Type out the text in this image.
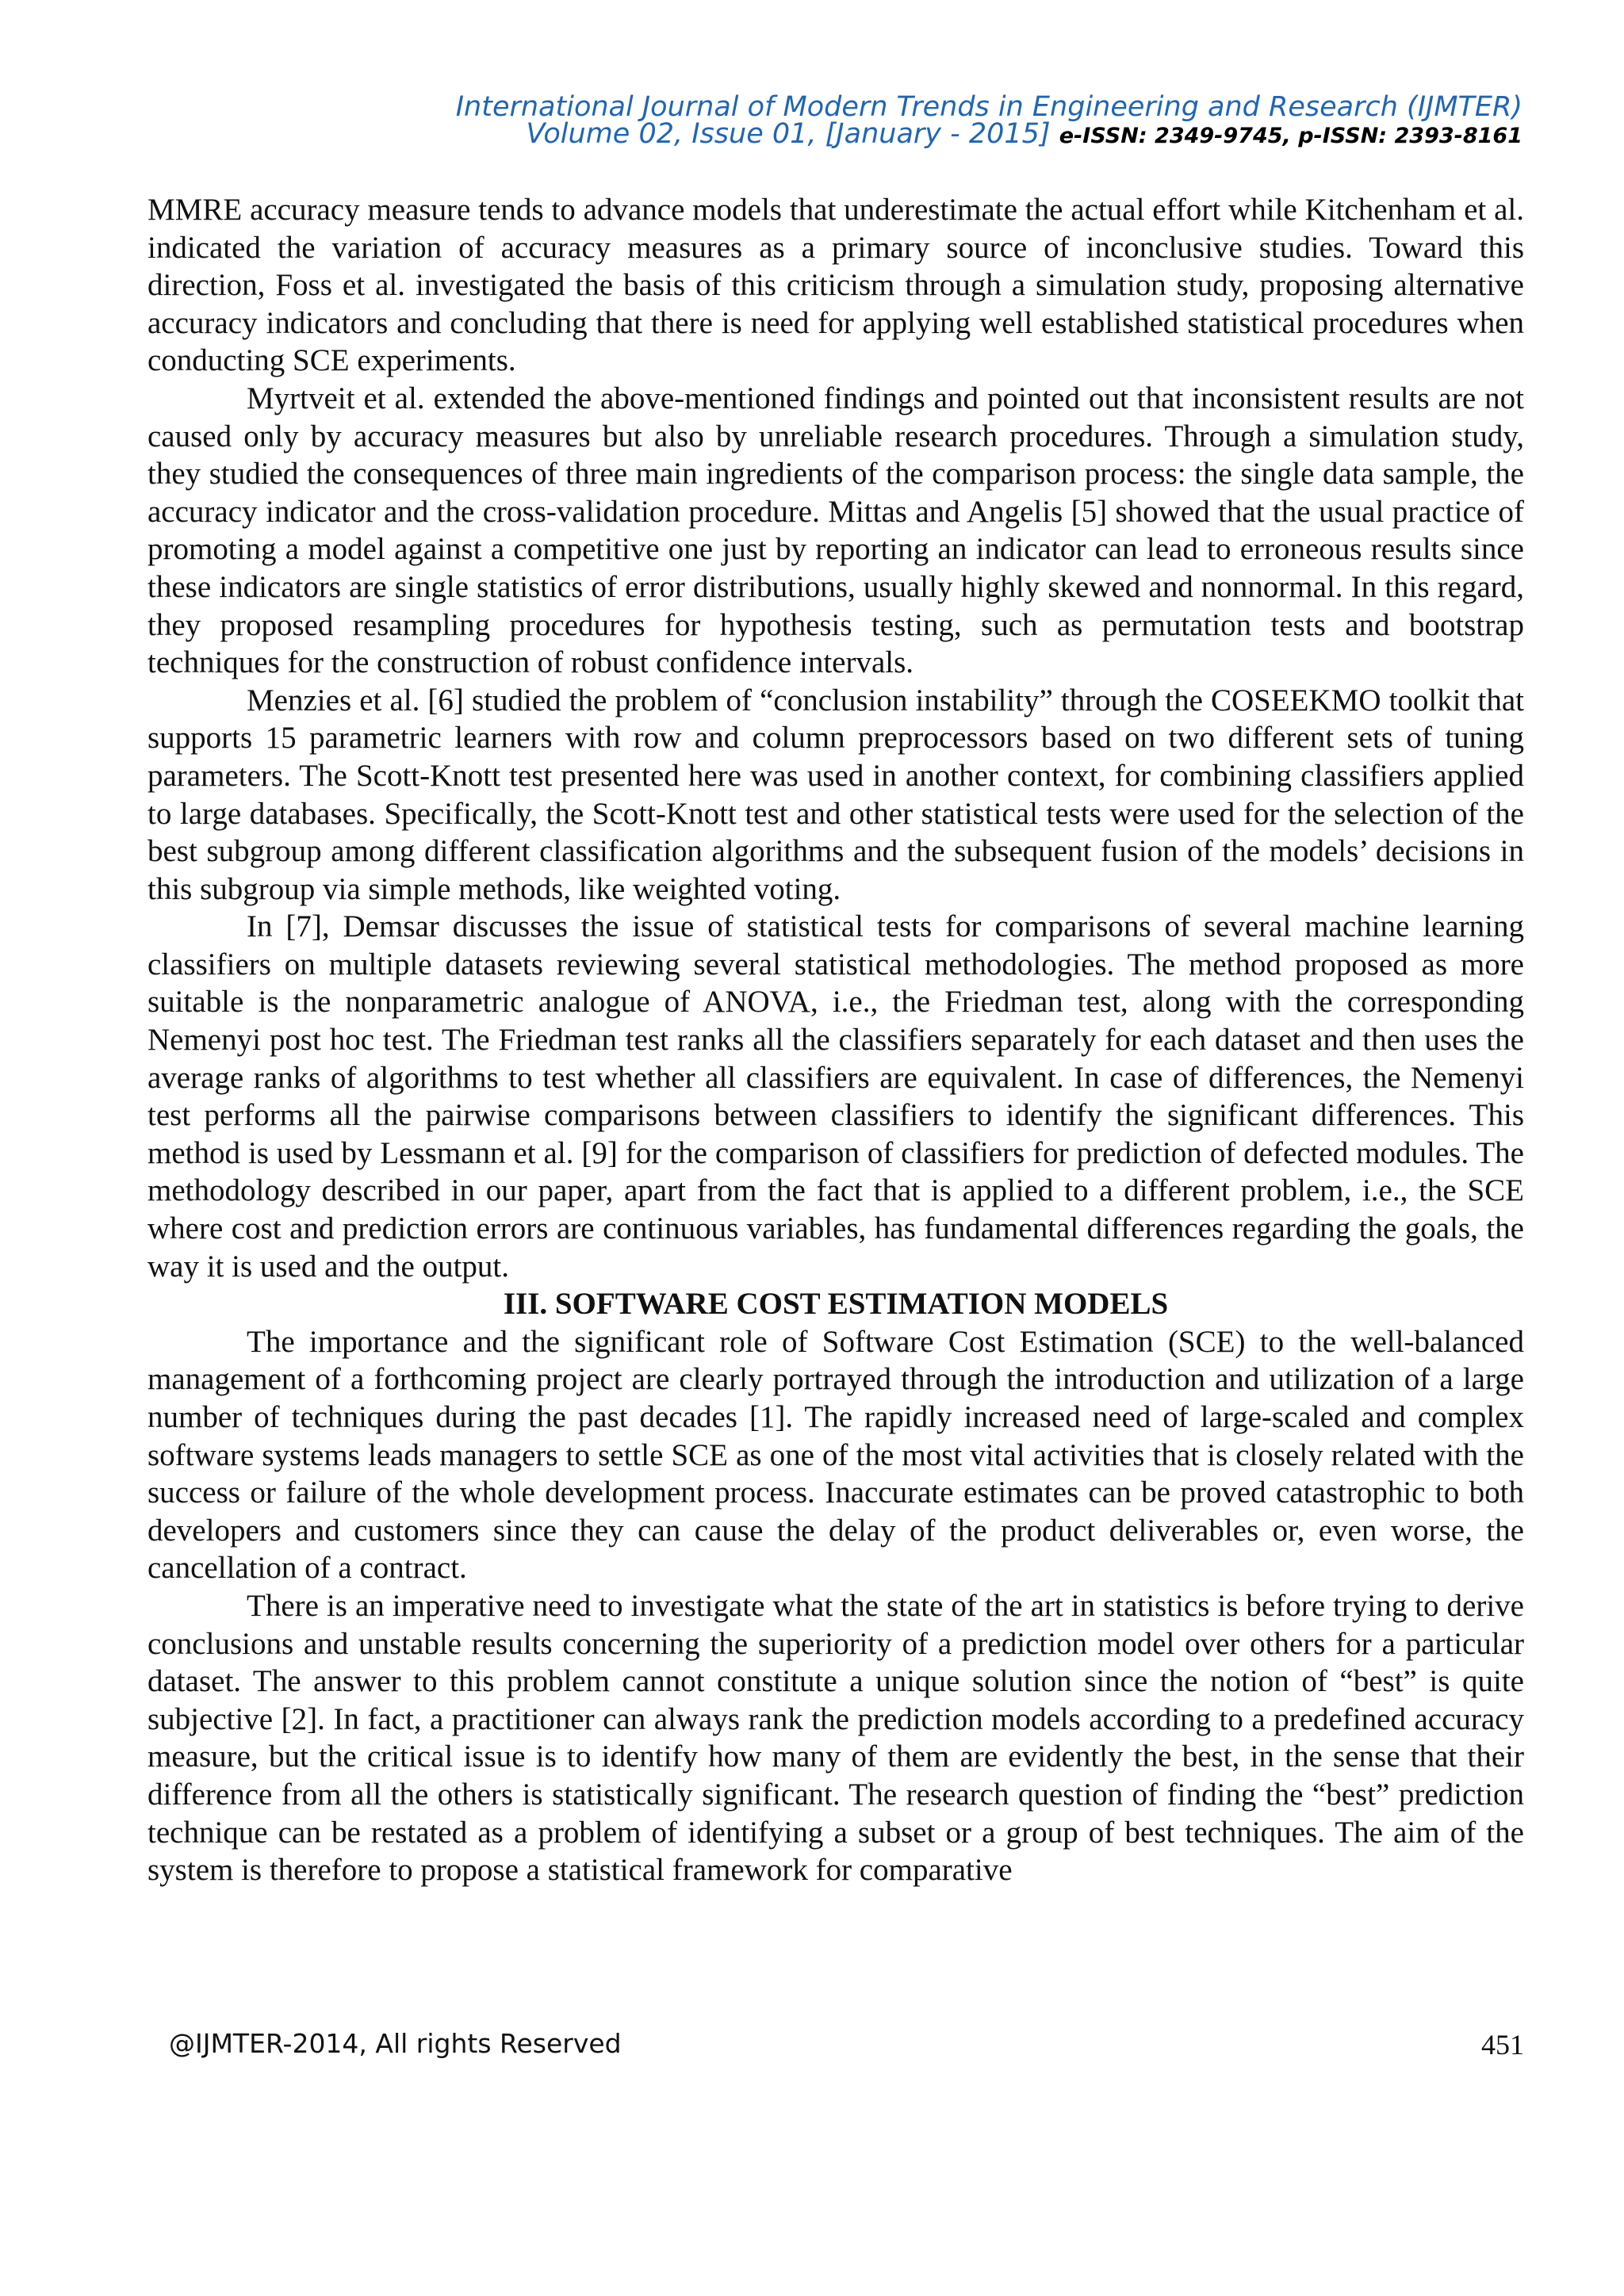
International Journal of Modern Trends in Engineering and Research (IJMTER)
Volume 02, Issue 01, [January - 2015] e-ISSN: 2349-9745, p-ISSN: 2393-8161

MMRE accuracy measure tends to advance models that underestimate the actual effort while Kitchenham et al. indicated the variation of accuracy measures as a primary source of inconclusive studies. Toward this direction, Foss et al. investigated the basis of this criticism through a simulation study, proposing alternative accuracy indicators and concluding that there is need for applying well established statistical procedures when conducting SCE experiments.

Myrtveit et al. extended the above-mentioned findings and pointed out that inconsistent results are not caused only by accuracy measures but also by unreliable research procedures. Through a simulation study, they studied the consequences of three main ingredients of the comparison process: the single data sample, the accuracy indicator and the cross-validation procedure. Mittas and Angelis [5] showed that the usual practice of promoting a model against a competitive one just by reporting an indicator can lead to erroneous results since these indicators are single statistics of error distributions, usually highly skewed and nonnormal. In this regard, they proposed resampling procedures for hypothesis testing, such as permutation tests and bootstrap techniques for the construction of robust confidence intervals.

Menzies et al. [6] studied the problem of “conclusion instability” through the COSEEKMO toolkit that supports 15 parametric learners with row and column preprocessors based on two different sets of tuning parameters. The Scott-Knott test presented here was used in another context, for combining classifiers applied to large databases. Specifically, the Scott-Knott test and other statistical tests were used for the selection of the best subgroup among different classification algorithms and the subsequent fusion of the models’ decisions in this subgroup via simple methods, like weighted voting.

In [7], Demsar discusses the issue of statistical tests for comparisons of several machine learning classifiers on multiple datasets reviewing several statistical methodologies. The method proposed as more suitable is the nonparametric analogue of ANOVA, i.e., the Friedman test, along with the corresponding Nemenyi post hoc test. The Friedman test ranks all the classifiers separately for each dataset and then uses the average ranks of algorithms to test whether all classifiers are equivalent. In case of differences, the Nemenyi test performs all the pairwise comparisons between classifiers to identify the significant differences. This method is used by Lessmann et al. [9] for the comparison of classifiers for prediction of defected modules. The methodology described in our paper, apart from the fact that is applied to a different problem, i.e., the SCE where cost and prediction errors are continuous variables, has fundamental differences regarding the goals, the way it is used and the output.

III. SOFTWARE COST ESTIMATION MODELS

The importance and the significant role of Software Cost Estimation (SCE) to the well-balanced management of a forthcoming project are clearly portrayed through the introduction and utilization of a large number of techniques during the past decades [1]. The rapidly increased need of large-scaled and complex software systems leads managers to settle SCE as one of the most vital activities that is closely related with the success or failure of the whole development process. Inaccurate estimates can be proved catastrophic to both developers and customers since they can cause the delay of the product deliverables or, even worse, the cancellation of a contract.

There is an imperative need to investigate what the state of the art in statistics is before trying to derive conclusions and unstable results concerning the superiority of a prediction model over others for a particular dataset. The answer to this problem cannot constitute a unique solution since the notion of “best” is quite subjective [2]. In fact, a practitioner can always rank the prediction models according to a predefined accuracy measure, but the critical issue is to identify how many of them are evidently the best, in the sense that their difference from all the others is statistically significant. The research question of finding the “best” prediction technique can be restated as a problem of identifying a subset or a group of best techniques. The aim of the system is therefore to propose a statistical framework for comparative

@IJMTER-2014, All rights Reserved	451
